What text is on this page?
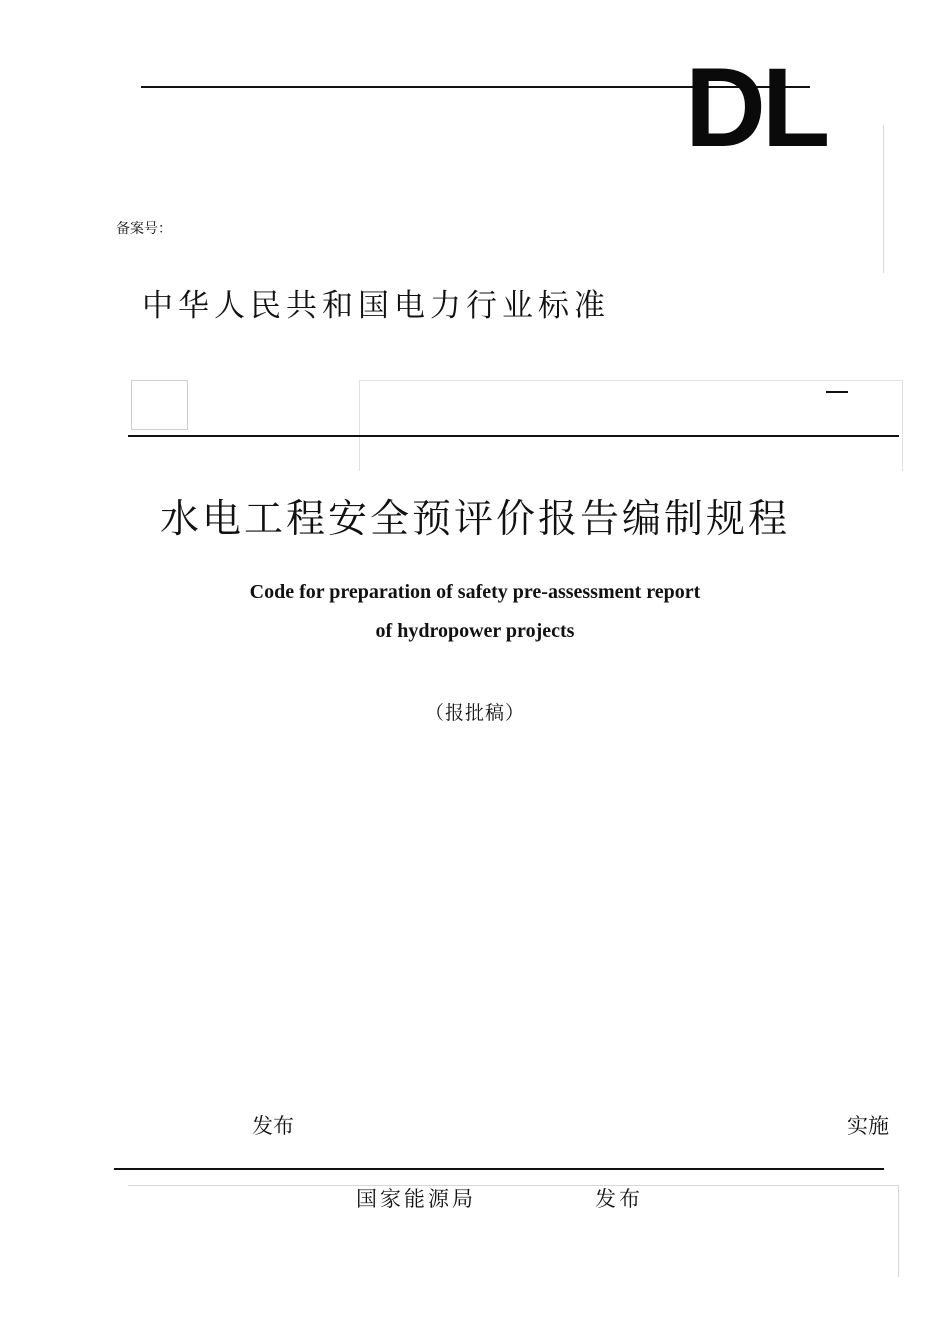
DL
备案号：
中华人民共和国电力行业标准
水电工程安全预评价报告编制规程
Code for preparation of safety pre-assessment report
of hydropower projects
（报批稿）
发布	实施
国家能源局	发布
